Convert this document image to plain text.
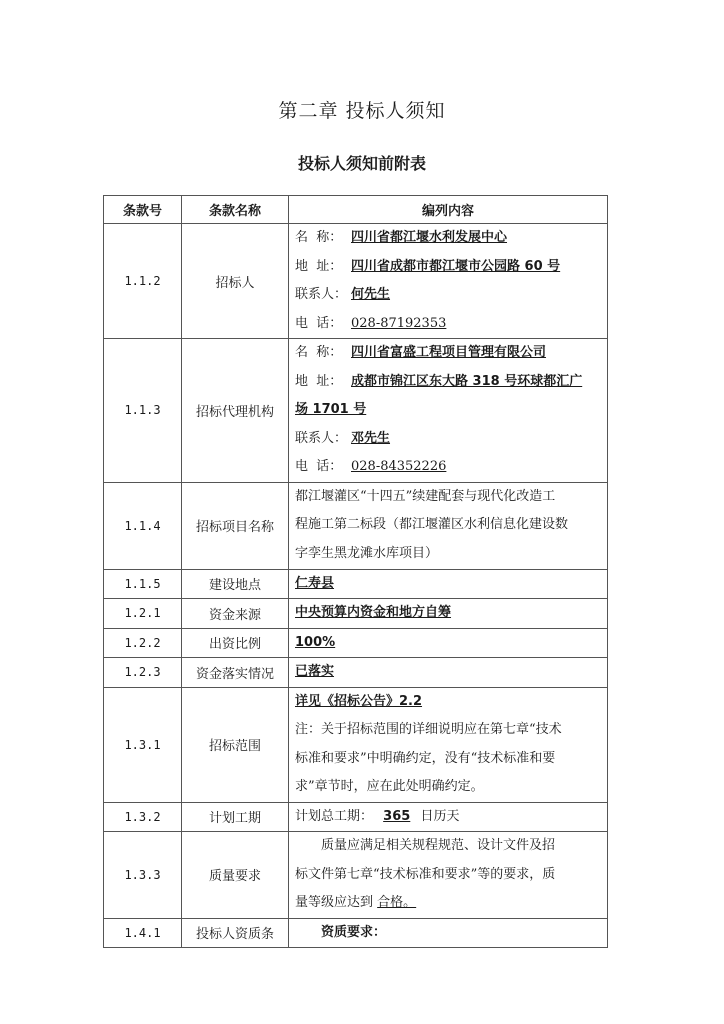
第二章 投标人须知
投标人须知前附表
条款号	条款名称	编列内容
1.1.2	招标人	名  称： 四川省都江堰水利发展中心
地  址： 四川省成都市都江堰市公园路 60 号
联系人： 何先生
电  话： 028-87192353

1.1.3	招标代理机构	名  称： 四川省富盛工程项目管理有限公司
地  址： 成都市锦江区东大路 318 号环球都汇广
场 1701 号
联系人： 邓先生
电  话： 028-84352226

1.1.4	招标项目名称	都江堰灌区“十四五”续建配套与现代化改造工
程施工第二标段（都江堰灌区水利信息化建设数
字孪生黑龙滩水库项目）

1.1.5	建设地点	仁寿县
1.2.1	资金来源	中央预算内资金和地方自筹
1.2.2	出资比例	100%
1.2.3	资金落实情况	已落实
1.3.1	招标范围	详见《招标公告》2.2
注：关于招标范围的详细说明应在第七章“技术
标准和要求”中明确约定，没有“技术标准和要
求”章节时，应在此处明确约定。

1.3.2	计划工期	计划总工期： 365 日历天
1.3.3	质量要求	质量应满足相关规程规范、设计文件及招
标文件第七章“技术标准和要求”等的要求，质
量等级应达到 合格。

1.4.1	投标人资质条	资质要求：
